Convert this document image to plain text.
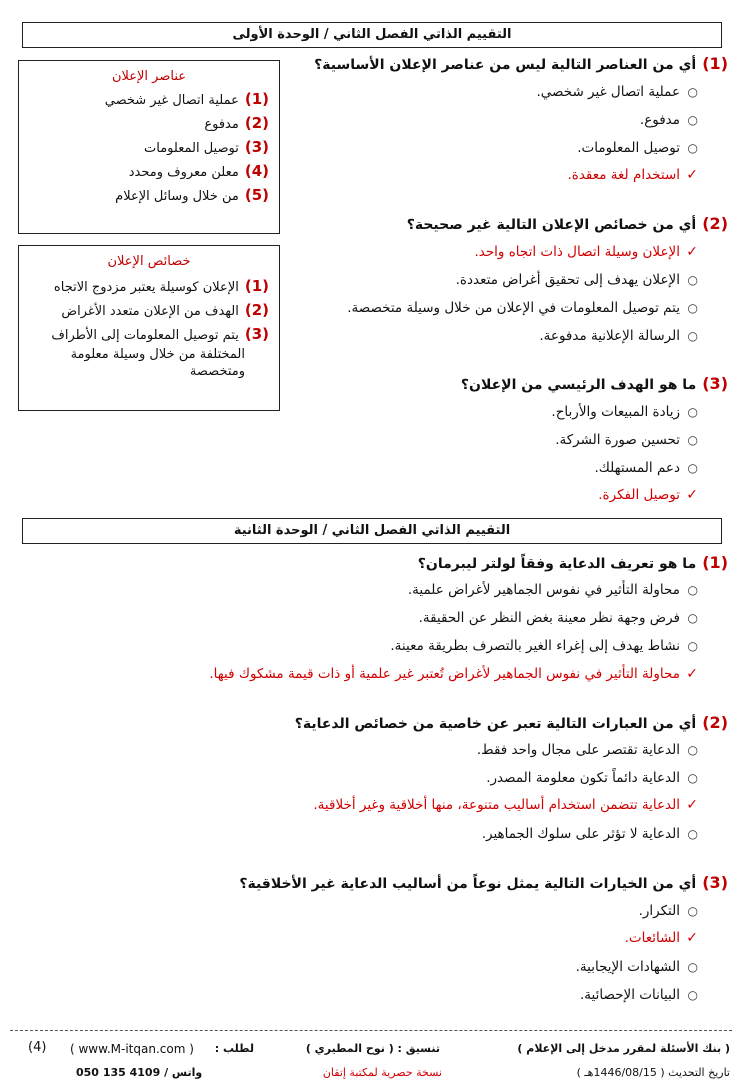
التقييم الذاتي الفصل الثاني / الوحدة الأولى
عناصر الإعلان
(1)عملية اتصال غير شخصي
(2)مدفوع
(3)توصيل المعلومات
(4)معلن معروف ومحدد
(5)من خلال وسائل الإعلام
خصائص الإعلان
(1)الإعلان كوسيلة يعتبر مزدوج الاتجاه
(2)الهدف من الإعلان متعدد الأغراض
(3)يتم توصيل المعلومات إلى الأطراف
المختلفة من خلال وسيلة معلومة
ومتخصصة
(1)أي من العناصر التالية ليس من عناصر الإعلان الأساسية؟
○عملية اتصال غير شخصي.
○مدفوع.
○توصيل المعلومات.
✓استخدام لغة معقدة.
(2)أي من خصائص الإعلان التالية غير صحيحة؟
✓الإعلان وسيلة اتصال ذات اتجاه واحد.
○الإعلان يهدف إلى تحقيق أغراض متعددة.
○يتم توصيل المعلومات في الإعلان من خلال وسيلة متخصصة.
○الرسالة الإعلانية مدفوعة.
(3)ما هو الهدف الرئيسي من الإعلان؟
○زيادة المبيعات والأرباح.
○تحسين صورة الشركة.
○دعم المستهلك.
✓توصيل الفكرة.
التقييم الذاتي الفصل الثاني / الوحدة الثانية
(1)ما هو تعريف الدعاية وفقاً لولتر ليبرمان؟
○محاولة التأثير في نفوس الجماهير لأغراض علمية.
○فرض وجهة نظر معينة بغض النظر عن الحقيقة.
○نشاط يهدف إلى إغراء الغير بالتصرف بطريقة معينة.
✓محاولة التأثير في نفوس الجماهير لأغراض تُعتبر غير علمية أو ذات قيمة مشكوك فيها.
(2)أي من العبارات التالية تعبر عن خاصية من خصائص الدعاية؟
○الدعاية تقتصر على مجال واحد فقط.
○الدعاية دائماً تكون معلومة المصدر.
✓الدعاية تتضمن استخدام أساليب متنوعة، منها أخلاقية وغير أخلاقية.
○الدعاية لا تؤثر على سلوك الجماهير.
(3)أي من الخيارات التالية يمثل نوعاً من أساليب الدعاية غير الأخلاقية؟
○التكرار.
✓الشائعات.
○الشهادات الإيجابية.
○البيانات الإحصائية.
( بنك الأسئلة لمقرر مدخل إلى الإعلام )
تنسيق : ( نوح المطيري )
لطلب :
( www.M-itqan.com )
(4)
تاريخ التحديث ( 1446/08/15هـ )
نسخة حصرية لمكتبة إتقان
واتس / 4109 135 050
